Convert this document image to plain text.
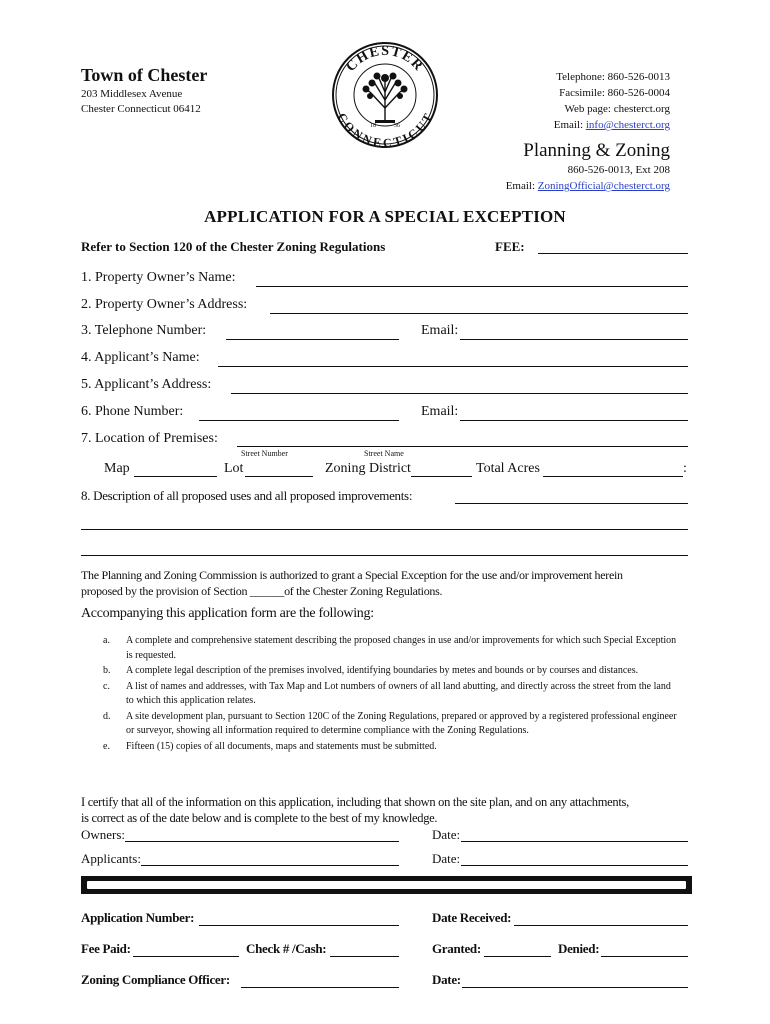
Town of Chester
203 Middlesex Avenue
Chester Connecticut 06412
Telephone: 860-526-0013
Facsimile: 860-526-0004
Web page: chesterct.org
Email: info@chesterct.org
CHESTER
CONNECTICUT
18	36
Planning & Zoning
860-526-0013, Ext 208
Email: ZoningOfficial@chesterct.org
APPLICATION FOR A SPECIAL EXCEPTION
Refer to Section 120 of the Chester Zoning Regulations	FEE:
1. Property Owner’s Name:
2. Property Owner’s Address:
3. Telephone Number:	Email:
4. Applicant’s Name:
5. Applicant’s Address:
6. Phone Number:	Email:
7. Location of Premises:
Street Number	Street Name
Map	Lot	Zoning District	Total Acres	:
8. Description of all proposed uses and all proposed improvements:
The Planning and Zoning Commission is authorized to grant a Special Exception for the use and/or improvement herein
proposed by the provision of Section ______of the Chester Zoning Regulations.
Accompanying this application form are the following:
a. A complete and comprehensive statement describing the proposed changes in use and/or improvements for which such Special Exception is requested.
b. A complete legal description of the premises involved, identifying boundaries by metes and bounds or by courses and distances.
c. A list of names and addresses, with Tax Map and Lot numbers of owners of all land abutting, and directly across the street from the land to which this application relates.
d. A site development plan, pursuant to Section 120C of the Zoning Regulations, prepared or approved by a registered professional engineer or surveyor, showing all information required to determine compliance with the Zoning Regulations.
e. Fifteen (15) copies of all documents, maps and statements must be submitted.
I certify that all of the information on this application, including that shown on the site plan, and on any attachments,
is correct as of the date below and is complete to the best of my knowledge.
Owners:	Date:
Applicants:	Date:
Application Number:	Date Received:
Fee Paid:	Check # /Cash:	Granted:	Denied:
Zoning Compliance Officer:	Date:
